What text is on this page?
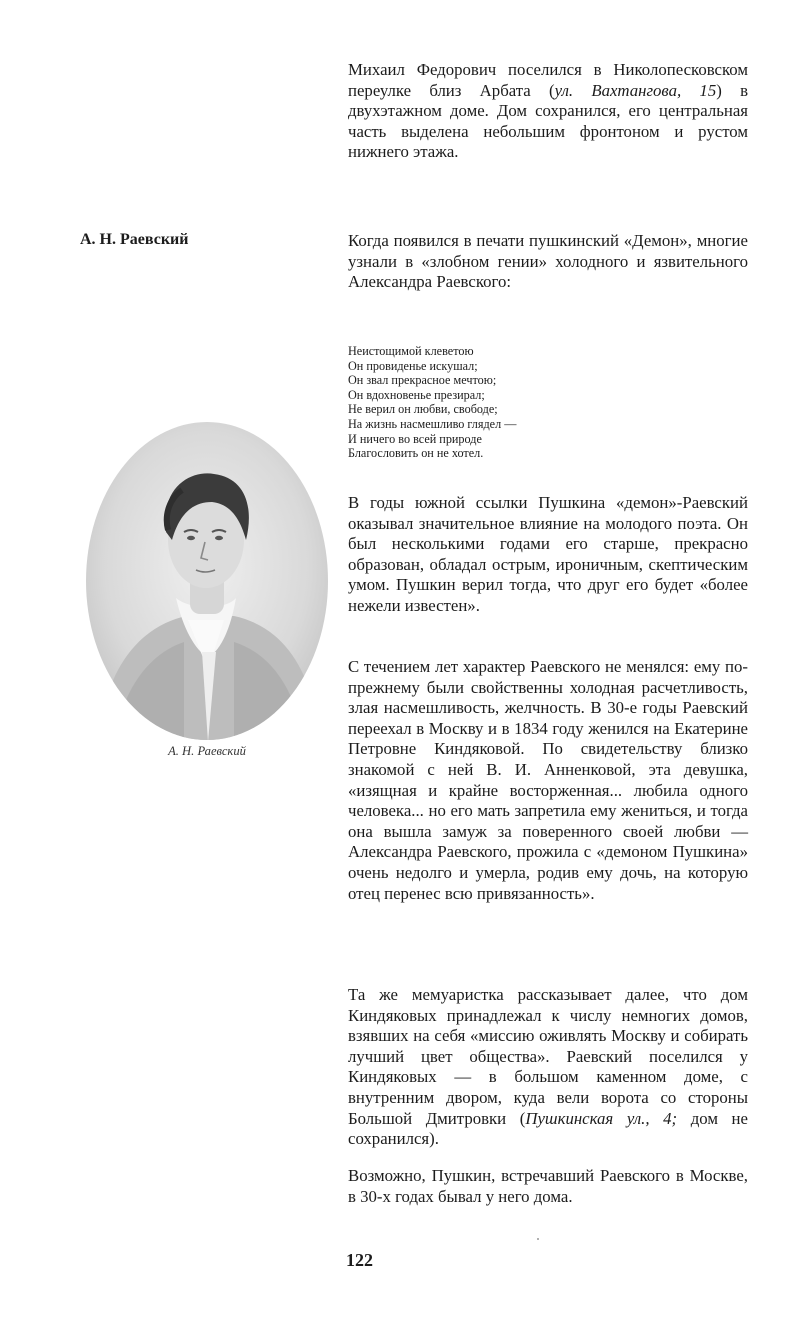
Михаил Федорович поселился в Николопесковском переулке близ Арбата (ул. Вахтангова, 15) в двухэтажном доме. Дом сохранился, его центральная часть выделена небольшим фронтоном и рустом нижнего этажа.

А. Н. Раевский	Когда появился в печати пушкинский «Демон», многие узнали в «злобном гении» холодного и язвительного Александра Раевского:

Неистощимой клеветою
Он провиденье искушал;
Он звал прекрасное мечтою;
Он вдохновенье презирал;
Не верил он любви, свободе;
На жизнь насмешливо глядел —
И ничего во всей природе
Благословить он не хотел.

А. Н. Раевский

В годы южной ссылки Пушкина «демон»-Раевский оказывал значительное влияние на молодого поэта. Он был несколькими годами его старше, прекрасно образован, обладал острым, ироничным, скептическим умом. Пушкин верил тогда, что друг его будет «более нежели известен».

С течением лет характер Раевского не менялся: ему по-прежнему были свойственны холодная расчетливость, злая насмешливость, желчность. В 30-е годы Раевский переехал в Москву и в 1834 году женился на Екатерине Петровне Киндяковой. По свидетельству близко знакомой с ней В. И. Анненковой, эта девушка, «изящная и крайне восторженная... любила одного человека... но его мать запретила ему жениться, и тогда она вышла замуж за поверенного своей любви — Александра Раевского, прожила с «демоном Пушкина» очень недолго и умерла, родив ему дочь, на которую отец перенес всю привязанность».

Та же мемуаристка рассказывает далее, что дом Киндяковых принадлежал к числу немногих домов, взявших на себя «миссию оживлять Москву и собирать лучший цвет общества». Раевский поселился у Киндяковых — в большом каменном доме, с внутренним двором, куда вели ворота со стороны Большой Дмитровки (Пушкинская ул., 4; дом не сохранился).

Возможно, Пушкин, встречавший Раевского в Москве, в 30-х годах бывал у него дома.

122
